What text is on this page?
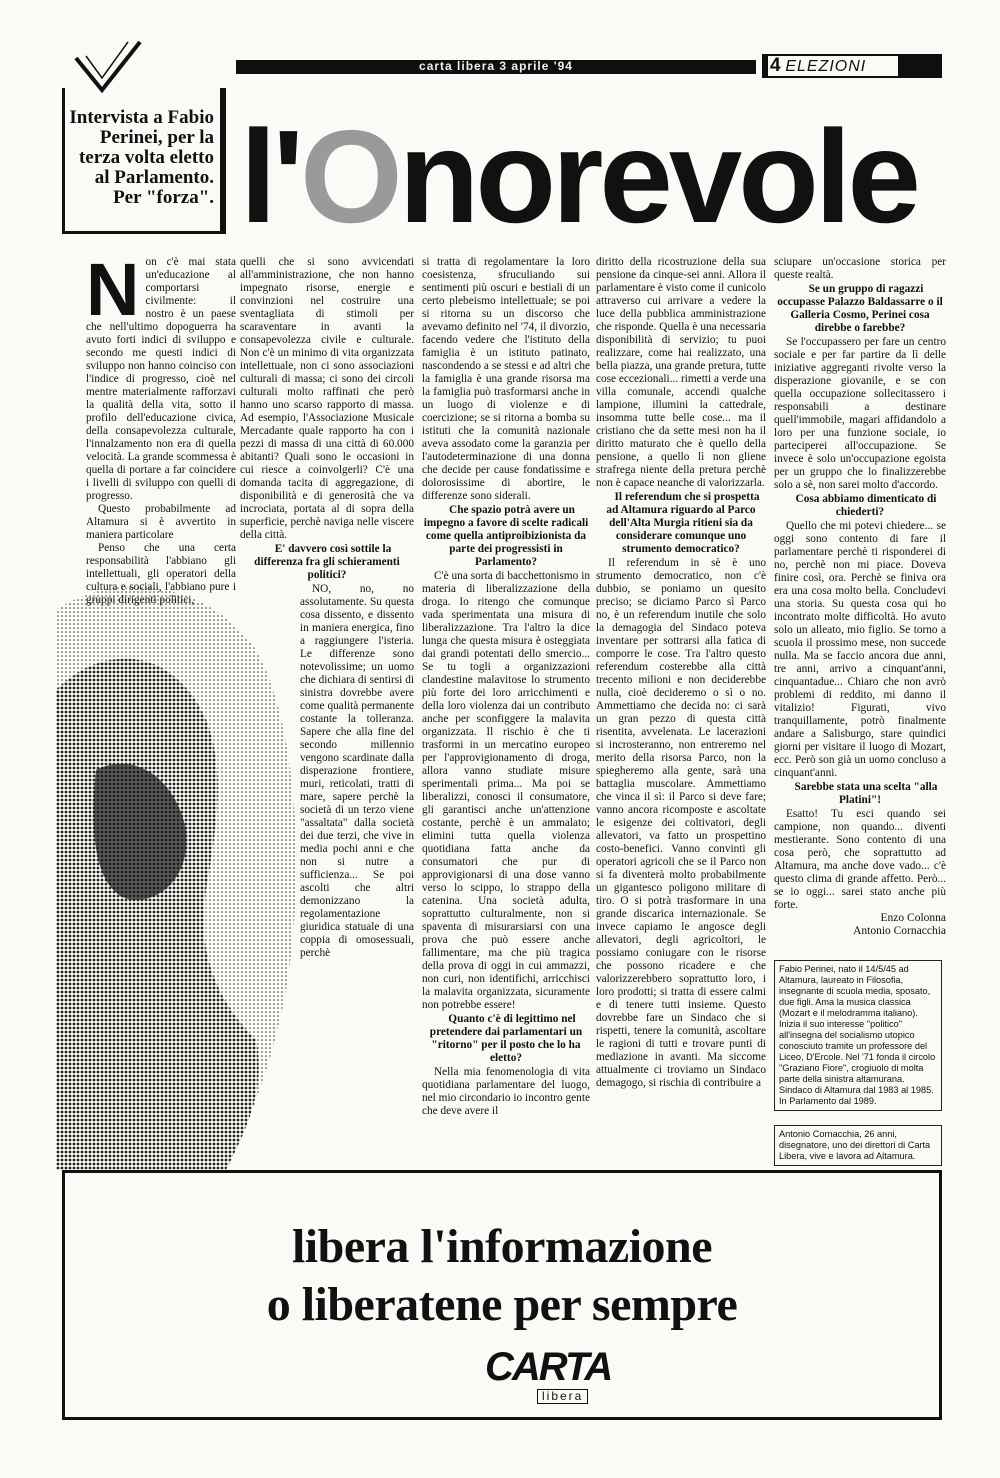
carta libera 3 aprile '94	4 ELEZIONI
Intervista a Fabio Perinei, per la terza volta eletto al Parlamento. Per "forza". l'Onorevole
N on c'è mai stata un'educazione al comportarsi civilmente: il nostro è un paese che nell'ultimo dopoguerra ha avuto forti indici di sviluppo e secondo me questi indici di sviluppo non hanno coinciso con l'indice di progresso, cioè nel mentre materialmente rafforzavi la qualità della vita, sotto il profilo dell'educazione civica, della consapevolezza culturale, l'innalzamento non era di quella velocità. La grande scommessa è quella di portare a far coincidere i livelli di sviluppo con quelli di progresso.

Questo probabilmente ad Altamura si è avvertito in maniera particolare

Penso che una certa responsabilità l'abbiano gli intellettuali, gli operatori della cultura e sociali, l'abbiano pure i gruppi dirigenti politici,

quelli che si sono avvicendati all'amministrazione, che non hanno impegnato risorse, energie e convinzioni nel costruire una sventagliata di stimoli per scaraventare in avanti la consapevolezza civile e culturale. Non c'è un minimo di vita organizzata intellettuale, non ci sono associazioni culturali di massa; ci sono dei circoli culturali molto raffinati che però hanno uno scarso rapporto di massa. Ad esempio, l'Associazione Musicale Mercadante quale rapporto ha con i pezzi di massa di una città di 60.000 abitanti? Quali sono le occasioni in cui riesce a coinvolgerli? C'è una domanda tacita di aggregazione, di disponibilità e di generosità che va incrociata, portata al di sopra della superficie, perchè naviga nelle viscere della città.

E' davvero così sottile la differenza fra gli schieramenti politici?

NO, no, no assolutamente. Su questa cosa dissento, e dissento in maniera energica, fino a raggiungere l'isteria. Le differenze sono notevolissime; un uomo che dichiara di sentirsi di sinistra dovrebbe avere come qualità permanente costante la tolleranza. Sapere che alla fine del secondo millennio vengono scardinate dalla disperazione frontiere, muri, reticolati, tratti di mare, sapere perchè la società di un terzo viene "assaltata" dalla società dei due terzi, che vive in media pochi anni e che non si nutre a sufficienza... Se poi ascolti che altri demonizzano la regolamentazione giuridica statuale di una coppia di omosessuali, perchè

si tratta di regolamentare la loro coesistenza, sfruculiando sui sentimenti più oscuri e bestiali di un certo plebeismo intellettuale; se poi si ritorna su un discorso che avevamo definito nel '74, il divorzio, facendo vedere che l'istituto della famiglia è un istituto patinato, nascondendo a se stessi e ad altri che la famiglia è una grande risorsa ma la famiglia può trasformarsi anche in un luogo di violenze e di coercizione; se si ritorna a bomba su istituti che la comunità nazionale aveva assodato come la garanzia per l'autodeterminazione di una donna che decide per cause fondatissime e dolorosissime di abortire, le differenze sono siderali.

Che spazio potrà avere un impegno a favore di scelte radicali come quella antiproibizionista da parte dei progressisti in Parlamento?

C'è una sorta di bacchettonismo in materia di liberalizzazione della droga. Io ritengo che comunque vada sperimentata una misura di liberalizzazione. Tra l'altro la dice lunga che questa misura è osteggiata dai grandi potentati dello smercio... Se tu togli a organizzazioni clandestine malavitose lo strumento più forte dei loro arricchimenti e della loro violenza dai un contributo anche per sconfiggere la malavita organizzata. Il rischio è che ti trasformi in un mercatino europeo per l'approvigionamento di droga, allora vanno studiate misure sperimentali prima... Ma poi se liberalizzi, conosci il consumatore, gli garantisci anche un'attenzione costante, perchè è un ammalato; elimini tutta quella violenza quotidiana fatta anche da consumatori che pur di approvigionarsi di una dose vanno verso lo scippo, lo strappo della catenina. Una società adulta, soprattutto culturalmente, non si spaventa di misurarsiarsi con una prova che può essere anche fallimentare, ma che più tragica della prova di oggi in cui ammazzi, non curi, non identifichi, arricchisci la malavita organizzata, sicuramente non potrebbe essere!

Quanto c'è di legittimo nel pretendere dai parlamentari un "ritorno" per il posto che lo ha eletto?

Nella mia fenomenologia di vita quotidiana parlamentare del luogo, nel mio circondario io incontro gente che deve avere il

diritto della ricostruzione della sua pensione da cinque-sei anni. Allora il parlamentare è visto come il cunicolo attraverso cui arrivare a vedere la luce della pubblica amministrazione che risponde. Quella è una necessaria disponibilità di servizio; tu puoi realizzare, come hai realizzato, una bella piazza, una grande pretura, tutte cose eccezionali... rimetti a verde una villa comunale, accendi qualche lampione, illumini la cattedrale, insomma tutte belle cose... ma il cristiano che da sette mesi non ha il diritto maturato che è quello della pensione, a quello lì non gliene strafrega niente della pretura perchè non è capace neanche di valorizzarla.

Il referendum che si prospetta ad Altamura riguardo al Parco dell'Alta Murgia ritieni sia da considerare comunque uno strumento democratico?

Il referendum in sè è uno strumento democratico, non c'è dubbio, se poniamo un quesito preciso; se diciamo Parco sì Parco no, è un referendum inutile che solo la demagogia del Sindaco poteva inventare per sottrarsi alla fatica di comporre le cose. Tra l'altro questo referendum costerebbe alla città trecento milioni e non deciderebbe nulla, cioè decideremo o sì o no. Ammettiamo che decida no: ci sarà un gran pezzo di questa città risentita, avvelenata. Le lacerazioni si incrosteranno, non entreremo nel merito della risorsa Parco, non la spiegheremo alla gente, sarà una battaglia muscolare. Ammettiamo che vinca il sì: il Parco si deve fare; vanno ancora ricomposte e ascoltate le esigenze dei coltivatori, degli allevatori, va fatto un prospettino costo-benefici. Vanno convinti gli operatori agricoli che se il Parco non si fa diventerà molto probabilmente un gigantesco poligono militare di tiro. O si potrà trasformare in una grande discarica internazionale. Se invece capiamo le angosce degli allevatori, degli agricoltori, le possiamo coniugare con le risorse che possono ricadere e che valorizzerebbero soprattutto loro, i loro prodotti; si tratta di essere calmi e di tenere tutti insieme. Questo dovrebbe fare un Sindaco che si rispetti, tenere la comunità, ascoltare le ragioni di tutti e trovare punti di mediazione in avanti. Ma siccome attualmente ci troviamo un Sindaco demagogo, si rischia di contribuire a

sciupare un'occasione storica per queste realtà.

Se un gruppo di ragazzi occupasse Palazzo Baldassarre o il Galleria Cosmo, Perinei cosa direbbe o farebbe?

Se l'occupassero per fare un centro sociale e per far partire da lì delle iniziative aggreganti rivolte verso la disperazione giovanile, e se con quella occupazione sollecitassero i responsabili a destinare quell'immobile, magari affidandolo a loro per una funzione sociale, io parteciperei all'occupazione. Se invece è solo un'occupazione egoista per un gruppo che lo finalizzerebbe solo a sè, non sarei molto d'accordo.

Cosa abbiamo dimenticato di chiederti?

Quello che mi potevi chiedere... se oggi sono contento di fare il parlamentare perchè ti risponderei di no, perchè non mi piace. Doveva finire così, ora. Perchè se finiva ora era una cosa molto bella. Concludevi una storia. Su questa cosa qui ho incontrato molte difficoltà. Ho avuto solo un alleato, mio figlio. Se torno a scuola il prossimo mese, non succede nulla. Ma se faccio ancora due anni, tre anni, arrivo a cinquant'anni, cinquantadue... Chiaro che non avrò problemi di reddito, mi danno il vitalizio! Figurati, vivo tranquillamente, potrò finalmente andare a Salisburgo, stare quindici giorni per visitare il luogo di Mozart, ecc. Però son già un uomo concluso a cinquant'anni.

Sarebbe stata una scelta "alla Platini"!

Esatto! Tu esci quando sei campione, non quando... diventi mestierante. Sono contento di una cosa però, che soprattutto ad Altamura, ma anche dove vado... c'è questo clima di grande affetto. Però... se io oggi... sarei stato anche più forte.

Enzo Colonna
Antonio Cornacchia
Fabio Perinei, nato il 14/5/45 ad Altamura, laureato in Filosofia, insegnante di scuola media, sposato, due figli. Ama la musica classica (Mozart e il melodramma italiano). Inizia il suo interesse "politico" all'insegna del socialismo utopico conosciuto tramite un professore del Liceo, D'Ercole. Nel '71 fonda il circolo "Graziano Fiore", crogiuolo di molta parte della sinistra altamurana. Sindaco di Altamura dal 1983 al 1985. In Parlamento dal 1989.
Antonio Cornacchia, 26 anni, disegnatore, uno dei direttori di Carta Libera, vive e lavora ad Altamura.
libera l'informazione
o liberatene per sempre
CARTA
libera
